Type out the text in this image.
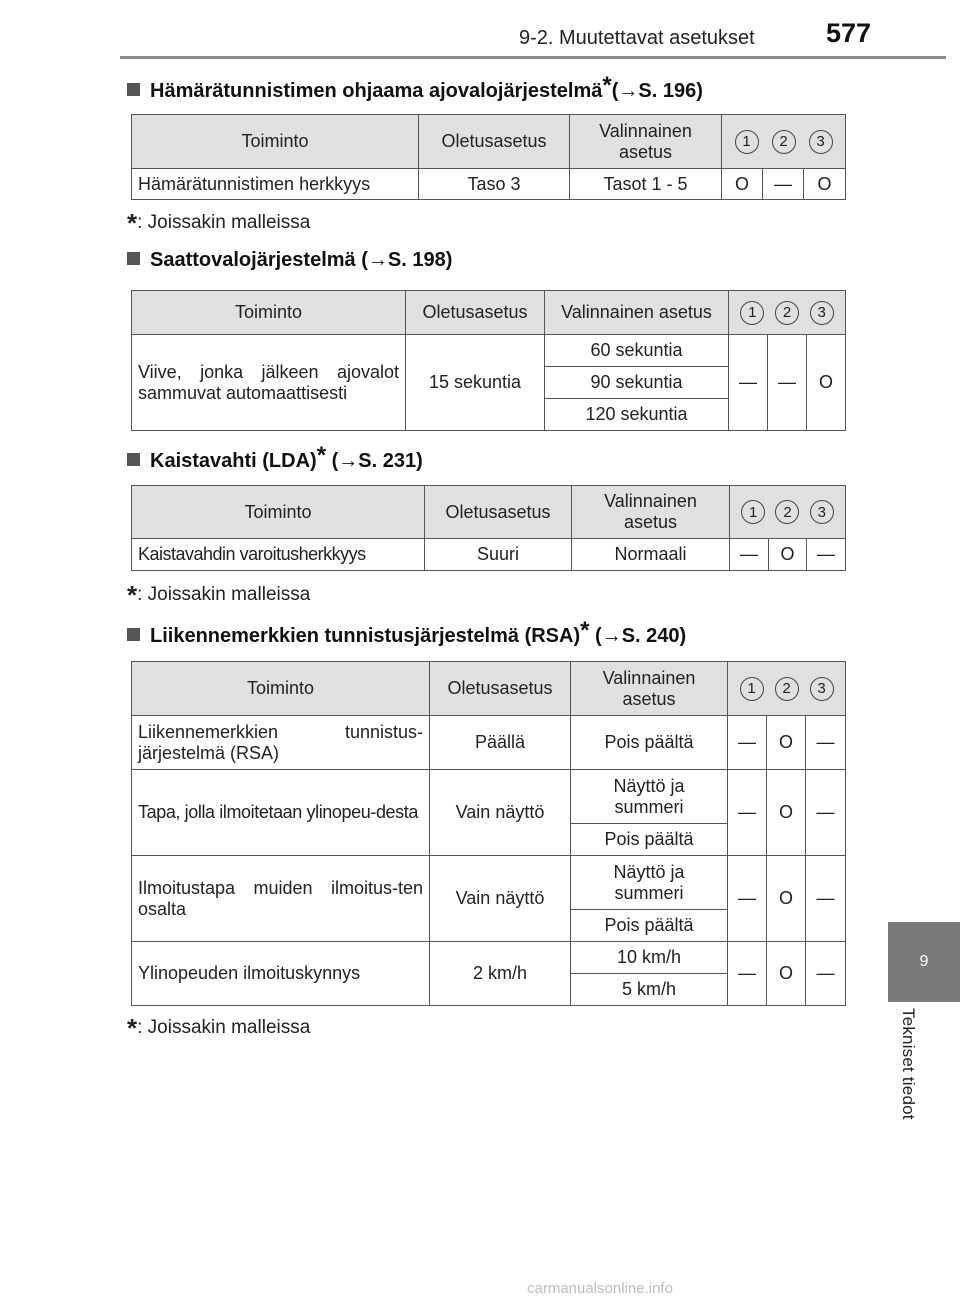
9-2. Muutettavat asetukset	577
9
Tekniset tiedot
Hämärätunnistimen ohjaama ajovalojärjestelmä*(→S. 196)
Toiminto	Oletusasetus	Valinnainen
asetus	1 2 3		

Hämärätunnistimen herkkyys	Taso 3	Tasot 1 - 5	O	—	O
*: Joissakin malleissa
Saattovalojärjestelmä (→S. 198)
Toiminto	Oletusasetus	Valinnainen asetus	1 2 3		

Viive, jonka jälkeen ajovalot sammuvat automaattisesti	15 sekuntia	60 sekuntia	—	—	O
		90 sekuntia			
		120 sekuntia			
Kaistavahti (LDA)* (→S. 231)
Toiminto	Oletusasetus	Valinnainen
asetus	1 2 3		

Kaistavahdin varoitusherkkyys	Suuri	Normaali	—	O	—
*: Joissakin malleissa
Liikennemerkkien tunnistusjärjestelmä (RSA)* (→S. 240)
Toiminto	Oletusasetus	Valinnainen
asetus	1 2 3		

Liikennemerkkien tunnistus-järjestelmä (RSA)	Päällä	Pois päältä	—	O	—
Tapa, jolla ilmoitetaan ylinopeu-desta	Vain näyttö	Näyttö ja summeri	—	O	—
		Pois päältä			
Ilmoitustapa muiden ilmoitus-ten osalta	Vain näyttö	Näyttö ja summeri	—	O	—
		Pois päältä			
Ylinopeuden ilmoituskynnys	2 km/h	10 km/h	—	O	—
		5 km/h			
*: Joissakin malleissa
carmanualsonline.info
